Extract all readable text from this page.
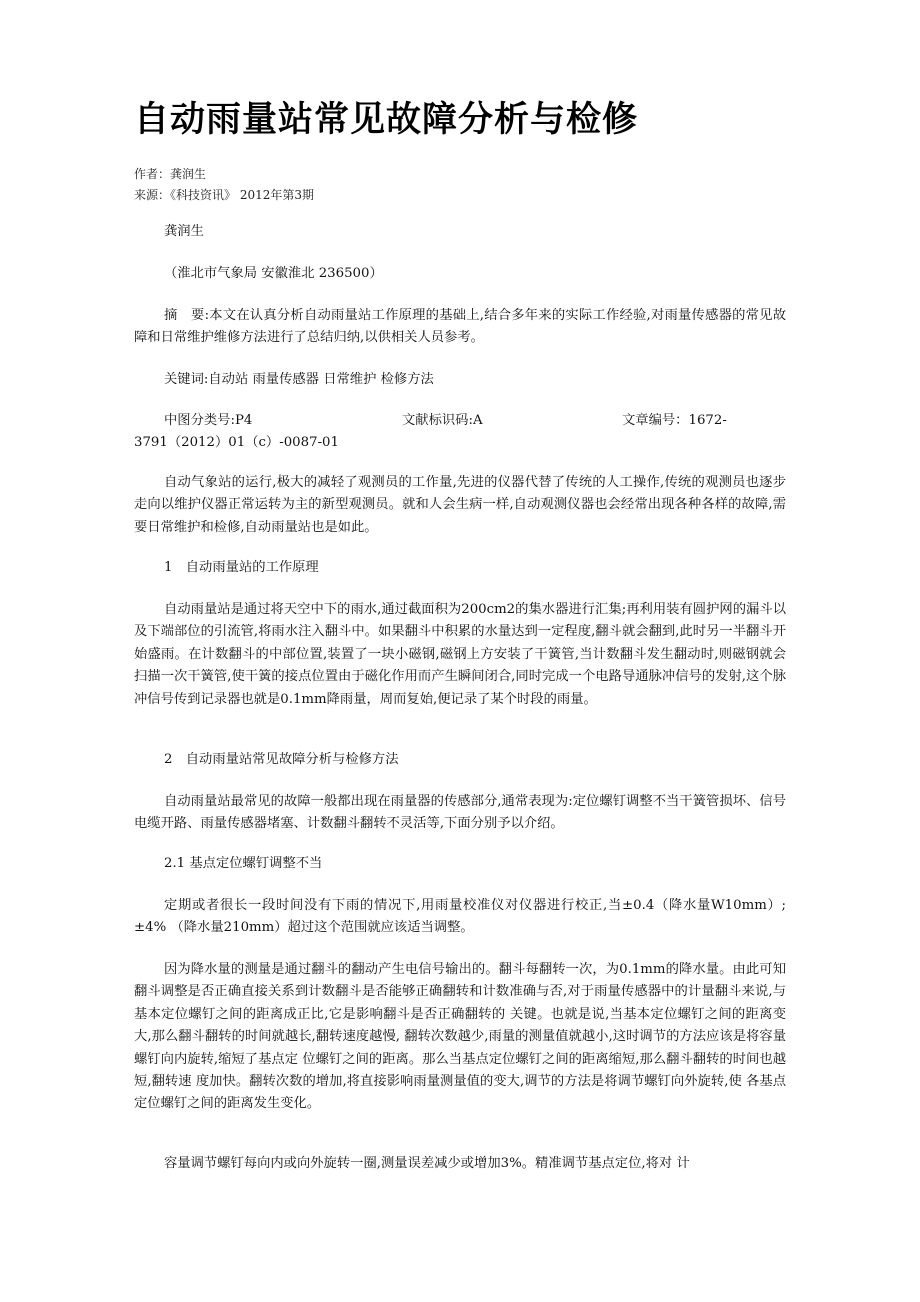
自动雨量站常见故障分析与检修
作者：龚润生
来源：《科技资讯》 2012年第3期
龚润生
（淮北市气象局 安徽淮北 236500）
摘　要:本文在认真分析自动雨量站工作原理的基础上,结合多年来的实际工作经验,对雨量传感器的常见故障和日常维护维修方法进行了总结归纳,以供相关人员参考。
关键词:自动站 雨量传感器 日常维护 检修方法
中图分类号:P4	文献标识码:A	文章编号：1672-
3791（2012）01（c）-0087-01
自动气象站的运行,极大的减轻了观测员的工作量,先进的仪器代替了传统的人工操作,传统的观测员也逐步走向以维护仪器正常运转为主的新型观测员。就和人会生病一样,自动观测仪器也会经常出现各种各样的故障,需要日常维护和检修,自动雨量站也是如此。
1　自动雨量站的工作原理
自动雨量站是通过将天空中下的雨水,通过截面积为200cm2的集水器进行汇集;再利用装有圆护网的漏斗以及下端部位的引流管,将雨水注入翻斗中。如果翻斗中积累的水量达到一定程度,翻斗就会翻到,此时另一半翻斗开始盛雨。在计数翻斗的中部位置,装置了一块小磁钢,磁钢上方安装了干簧管,当计数翻斗发生翻动时,则磁钢就会扫描一次干簧管,使干簧的接点位置由于磁化作用而产生瞬间闭合,同时完成一个电路导通脉冲信号的发射,这个脉冲信号传到记录器也就是0.1mm降雨量，周而复始,便记录了某个时段的雨量。
2　自动雨量站常见故障分析与检修方法
自动雨量站最常见的故障一般都出现在雨量器的传感部分,通常表现为:定位螺钉调整不当干簧管损坏、信号电缆开路、雨量传感器堵塞、计数翻斗翻转不灵活等,下面分别予以介绍。
2.1 基点定位螺钉调整不当
定期或者很长一段时间没有下雨的情况下,用雨量校准仪对仪器进行校正,当±0.4（降水量W10mm）;±4% （降水量210mm）超过这个范围就应该适当调整。
因为降水量的测量是通过翻斗的翻动产生电信号输出的。翻斗每翻转一次，为0.1mm的降水量。由此可知翻斗调整是否正确直接关系到计数翻斗是否能够正确翻转和计数准确与否,对于雨量传感器中的计量翻斗来说,与基本定位螺钉之间的距离成正比,它是影响翻斗是否正确翻转的 关键。也就是说,当基本定位螺钉之间的距离变大,那么翻斗翻转的时间就越长,翻转速度越慢, 翻转次数越少,雨量的测量值就越小,这时调节的方法应该是将容量螺钉向内旋转,缩短了基点定 位螺钉之间的距离。那么当基点定位螺钉之间的距离缩短,那么翻斗翻转的时间也越短,翻转速 度加快。翻转次数的增加,将直接影响雨量测量值的变大,调节的方法是将调节螺钉向外旋转,使 各基点定位螺钉之间的距离发生变化。
容量调节螺钉每向内或向外旋转一圈,测量误差减少或增加3%。精准调节基点定位,将对 计
